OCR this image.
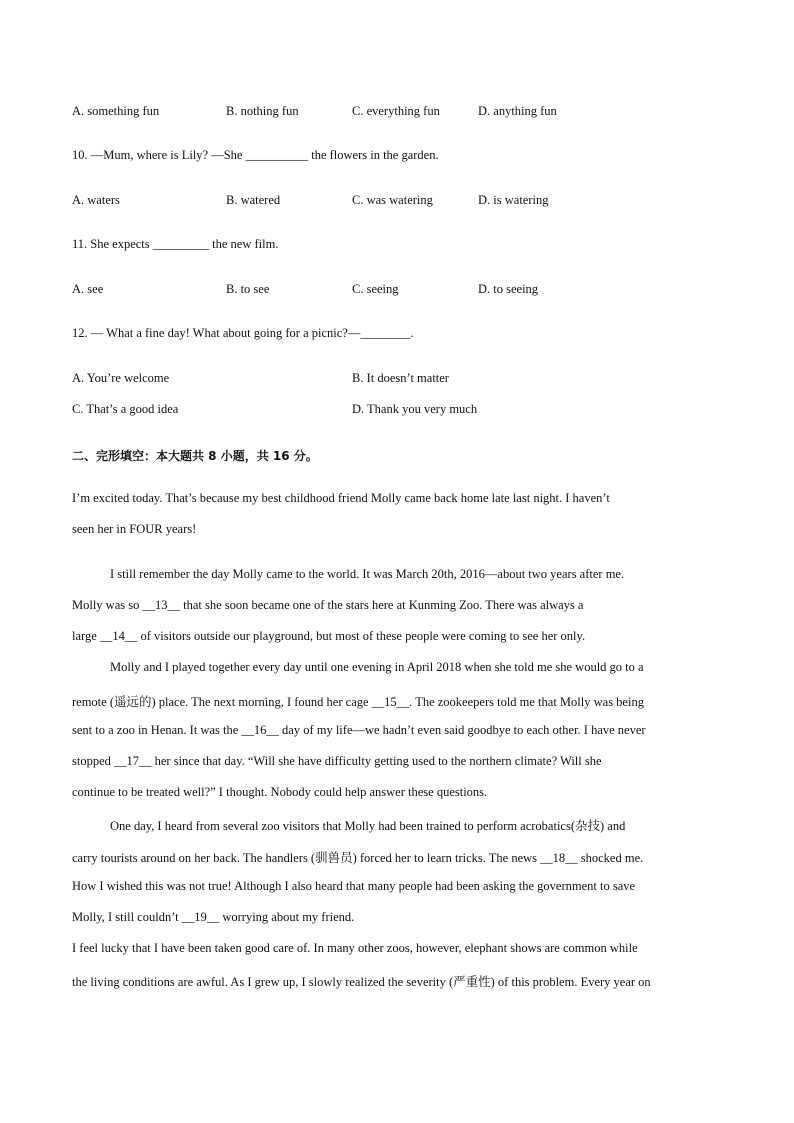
A. something fun	B. nothing fun	C. everything fun	D. anything fun
10. —Mum, where is Lily? —She __________ the flowers in the garden.
A. waters	B. watered	C. was watering	D. is watering
11. She expects _________ the new film.
A. see	B. to see	C. seeing	D. to seeing
12. — What a fine day! What about going for a picnic?—________.
A. You’re welcome	B. It doesn’t matter
C. That’s a good idea	D. Thank you very much
二、完形填空：本大题共 8 小题，共 16 分。
I’m excited today. That’s because my best childhood friend Molly came back home late last night. I haven’t
seen her in FOUR years!
I still remember the day Molly came to the world. It was March 20th, 2016—about two years after me.
Molly was so __13__ that she soon became one of the stars here at Kunming Zoo. There was always a
large __14__ of visitors outside our playground, but most of these people were coming to see her only.
Molly and I played together every day until one evening in April 2018 when she told me she would go to a
remote (遥远的) place. The next morning, I found her cage __15__. The zookeepers told me that Molly was being
sent to a zoo in Henan. It was the __16__ day of my life—we hadn’t even said goodbye to each other. I have never
stopped __17__ her since that day. “Will she have difficulty getting used to the northern climate? Will she
continue to be treated well?” I thought. Nobody could help answer these questions.
One day, I heard from several zoo visitors that Molly had been trained to perform acrobatics(杂技) and
carry tourists around on her back. The handlers (驯兽员) forced her to learn tricks. The news __18__ shocked me.
How I wished this was not true! Although I also heard that many people had been asking the government to save
Molly, I still couldn’t __19__ worrying about my friend.
I feel lucky that I have been taken good care of. In many other zoos, however, elephant shows are common while
the living conditions are awful. As I grew up, I slowly realized the severity (严重性) of this problem. Every year on
